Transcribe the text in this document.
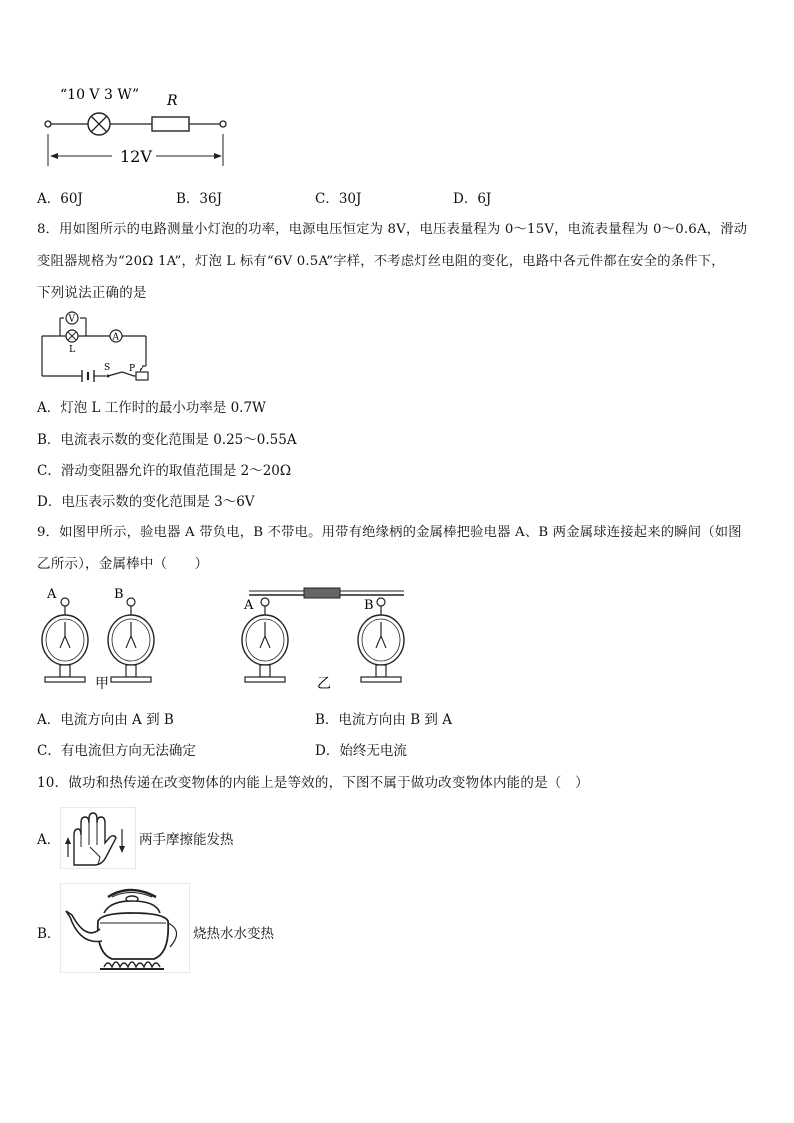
“10 V 3 W” R
12V
A．60J	B．36J	C．30J	D．6J
8．用如图所示的电路测量小灯泡的功率，电源电压恒定为 8V，电压表量程为 0～15V，电流表量程为 0～0.6A，滑动
变阻器规格为“20Ω 1A”，灯泡 L 标有“6V 0.5A”字样，不考虑灯丝电阻的变化，电路中各元件都在安全的条件下，
下列说法正确的是
V
L
A
S P
A．灯泡 L 工作时的最小功率是 0.7W
B．电流表示数的变化范围是 0.25～0.55A
C．滑动变阻器允许的取值范围是 2～20Ω
D．电压表示数的变化范围是 3～6V
9．如图甲所示，验电器 A 带负电，B 不带电。用带有绝缘柄的金属棒把验电器 A、B 两金属球连接起来的瞬间（如图
乙所示），金属棒中（　　）
A	B
甲
A	B
乙
A．电流方向由 A 到 B	B．电流方向由 B 到 A
C．有电流但方向无法确定	D．始终无电流
10．做功和热传递在改变物体的内能上是等效的，下图不属于做功改变物体内能的是（　）
A．	两手摩擦能发热
B．	烧热水水变热
